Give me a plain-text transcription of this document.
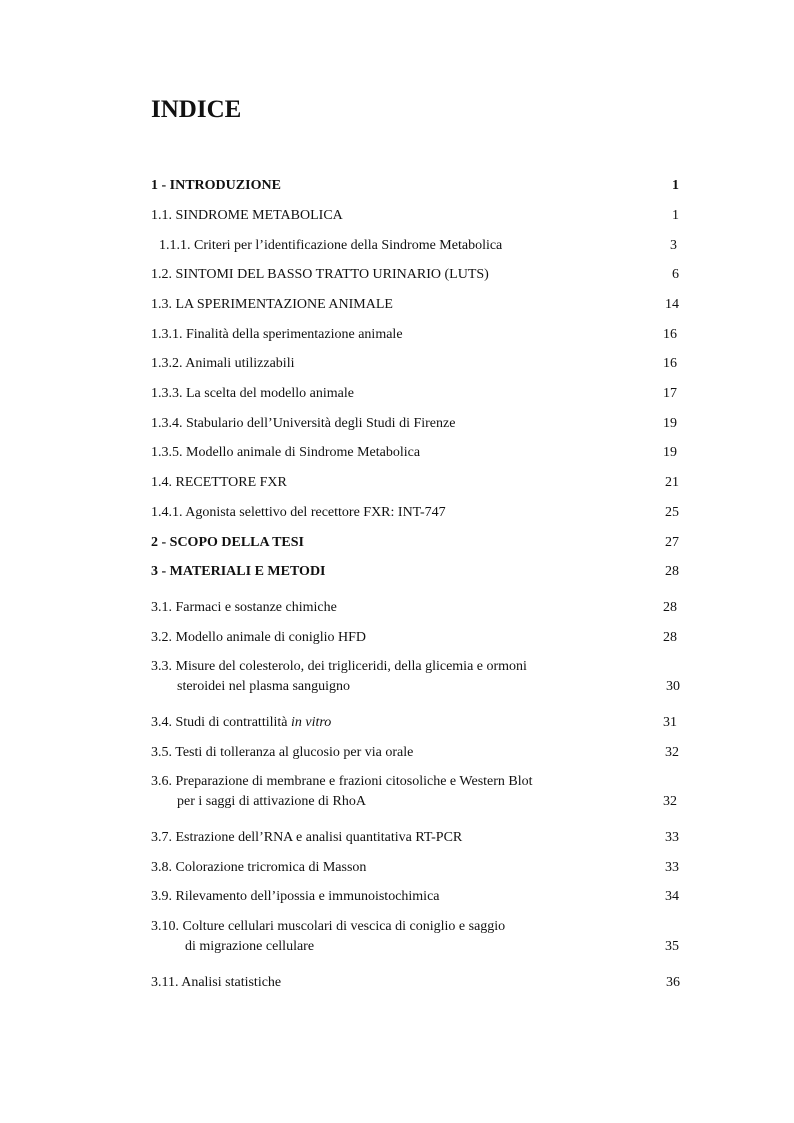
INDICE
1 - INTRODUZIONE	1
1.1. SINDROME METABOLICA	1
1.1.1. Criteri per l’identificazione della Sindrome Metabolica	3
1.2. SINTOMI DEL BASSO TRATTO URINARIO (LUTS)	6
1.3. LA SPERIMENTAZIONE ANIMALE	14
1.3.1. Finalità della sperimentazione animale	16
1.3.2. Animali utilizzabili	16
1.3.3. La scelta del modello animale	17
1.3.4. Stabulario dell’Università degli Studi di Firenze	19
1.3.5. Modello animale di Sindrome Metabolica	19
1.4. RECETTORE FXR	21
1.4.1. Agonista selettivo del recettore FXR: INT-747	25
2 - SCOPO DELLA TESI	27
3 - MATERIALI E METODI	28
3.1. Farmaci e sostanze chimiche	28
3.2. Modello animale di coniglio HFD	28
3.3. Misure del colesterolo, dei trigliceridi, della glicemia e ormoni
steroidei nel plasma sanguigno	30
3.4. Studi di contrattilità in vitro	31
3.5. Testi di tolleranza al glucosio per via orale	32
3.6. Preparazione di membrane e frazioni citosoliche e Western Blot
per i saggi di attivazione di RhoA	32
3.7. Estrazione dell’RNA e analisi quantitativa RT-PCR	33
3.8. Colorazione tricromica di Masson	33
3.9. Rilevamento dell’ipossia e immunoistochimica	34
3.10. Colture cellulari muscolari di vescica di coniglio e saggio
di migrazione cellulare	35
3.11. Analisi statistiche	36
